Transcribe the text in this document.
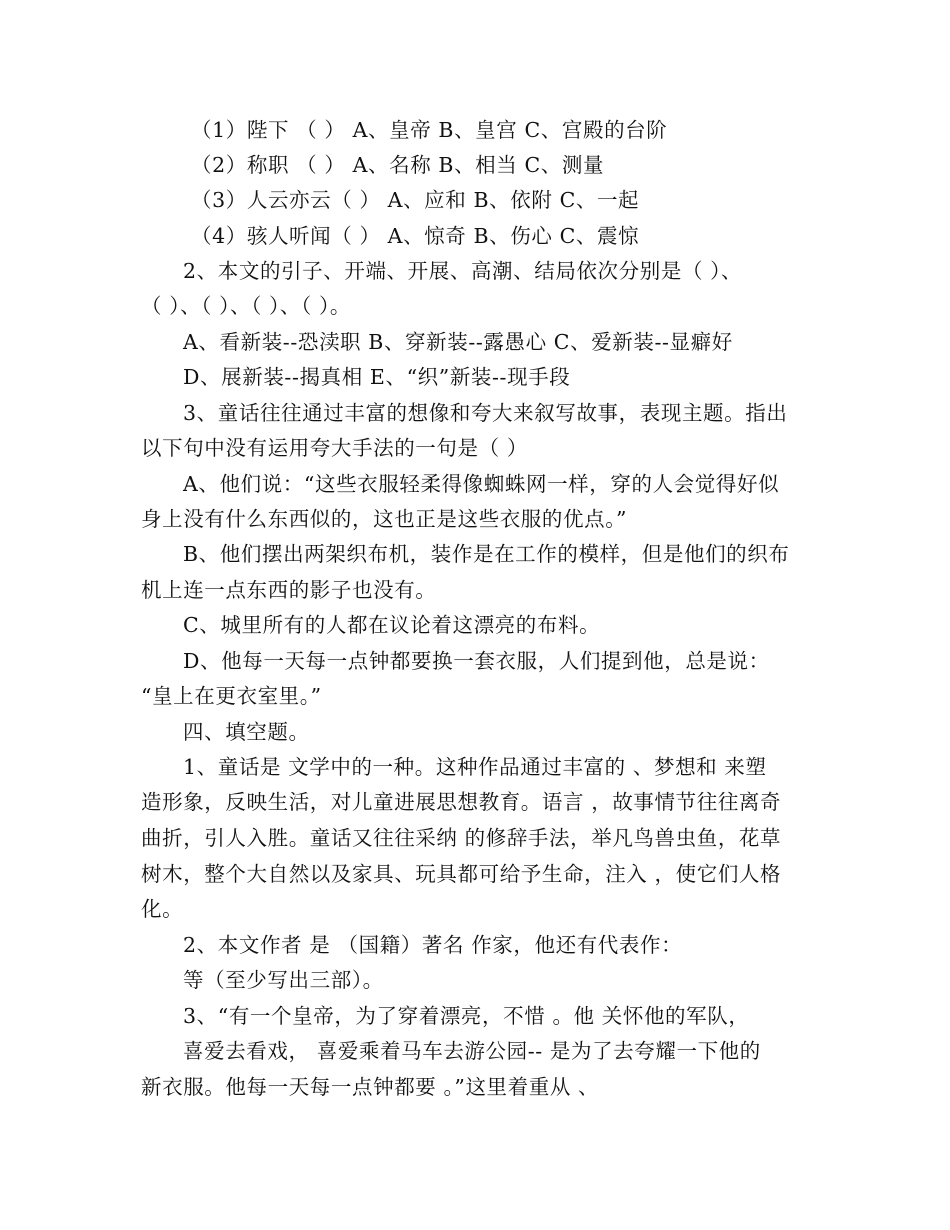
（1）陛下 （ ） A、皇帝 B、皇宫 C、宫殿的台阶
（2）称职 （ ） A、名称 B、相当 C、测量
（3）人云亦云（ ） A、应和 B、依附 C、一起
（4）骇人听闻（ ） A、惊奇 B、伤心 C、震惊
2、本文的引子、开端、开展、高潮、结局依次分别是（ ）、
（ ）、（ ）、（ ）、（ ）。
A、看新装--恐渎职 B、穿新装--露愚心 C、爱新装--显癖好
D、展新装--揭真相 E、“织”新装--现手段
3、童话往往通过丰富的想像和夸大来叙写故事，表现主题。指出
以下句中没有运用夸大手法的一句是（ ）
A、他们说：“这些衣服轻柔得像蜘蛛网一样，穿的人会觉得好似
身上没有什么东西似的，这也正是这些衣服的优点。”
B、他们摆出两架织布机，装作是在工作的模样，但是他们的织布
机上连一点东西的影子也没有。
C、城里所有的人都在议论着这漂亮的布料。
D、他每一天每一点钟都要换一套衣服，人们提到他，总是说：
“皇上在更衣室里。”
四、填空题。
1、童话是 文学中的一种。这种作品通过丰富的 、梦想和 来塑
造形象，反映生活，对儿童进展思想教育。语言 ，故事情节往往离奇
曲折，引人入胜。童话又往往采纳 的修辞手法，举凡鸟兽虫鱼，花草
树木，整个大自然以及家具、玩具都可给予生命，注入 ，使它们人格
化。
2、本文作者 是 （国籍）著名 作家，他还有代表作：
等（至少写出三部）。
3、“有一个皇帝，为了穿着漂亮，不惜 。他 关怀他的军队，
喜爱去看戏， 喜爱乘着马车去游公园-- 是为了去夸耀一下他的
新衣服。他每一天每一点钟都要 。”这里着重从 、
